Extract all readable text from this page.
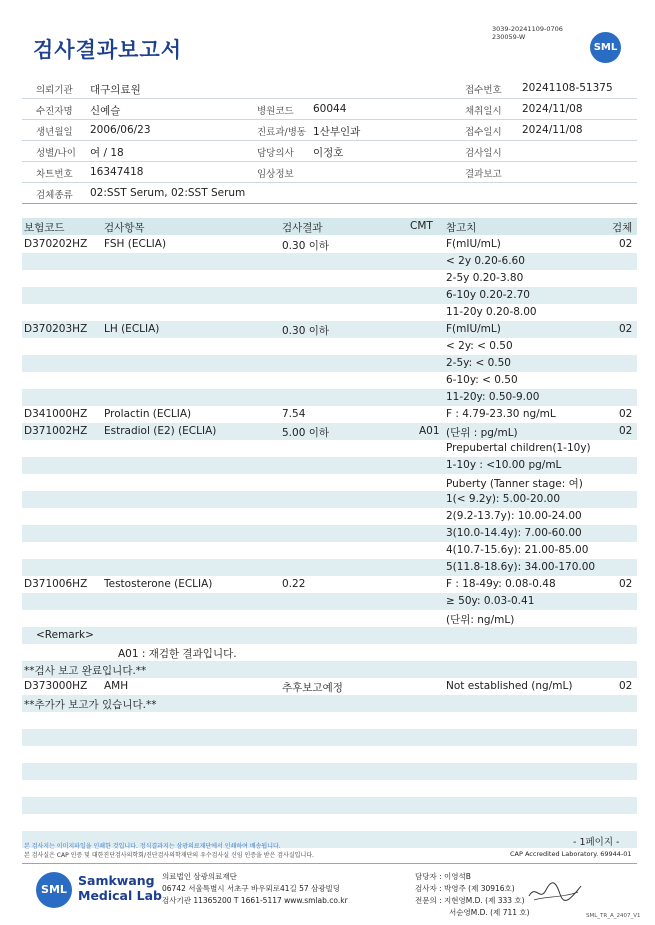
검사결과보고서
3039-20241109-0706
230059-W
SML
의뢰기관 대구의료원	접수번호 20241108-51375
수진자명 신예슬	병원코드 60044	채취일시 2024/11/08
생년월일 2006/06/23	진료과/병동 1산부인과	접수일시 2024/11/08
성별/나이 여 / 18	담당의사 이정호	검사일시
차트번호 16347418	임상정보	결과보고
검체종류 02:SST Serum, 02:SST Serum
보험코드	검사항목	검사결과	CMT 참고치	검체
D370202HZ FSH (ECLIA)	0.30 이하	F(mIU/mL)	02
< 2y 0.20-6.60
2-5y 0.20-3.80
6-10y 0.20-2.70
11-20y 0.20-8.00
D370203HZ LH (ECLIA)	0.30 이하	F(mIU/mL)	02
< 2y: < 0.50
2-5y: < 0.50
6-10y: < 0.50
11-20y: 0.50-9.00
D341000HZ Prolactin (ECLIA)	7.54	F : 4.79-23.30 ng/mL	02
D371002HZ Estradiol (E2) (ECLIA)	5.00 이하	A01 (단위 : pg/mL)	02
Prepubertal children(1-10y)
1-10y : <10.00 pg/mL
Puberty (Tanner stage: 여)
1(< 9.2y): 5.00-20.00
2(9.2-13.7y): 10.00-24.00
3(10.0-14.4y): 7.00-60.00
4(10.7-15.6y): 21.00-85.00
5(11.8-18.6y): 34.00-170.00
D371006HZ Testosterone (ECLIA)	0.22	F : 18-49y: 0.08-0.48	02
≥ 50y: 0.03-0.41
(단위: ng/mL)
<Remark>
A01 : 재검한 결과입니다.
**검사 보고 완료입니다.**
D373000HZ AMH	추후보고예정	Not established (ng/mL)	02
**추가가 보고가 있습니다.**
- 1페이지 -
본 검사지는 이미지파일을 인쇄한 것입니다. 정식결과지는 삼광의료재단에서 인쇄하여 배송됩니다.
본 검사실은 CAP 인증 및 대한진단검사의학회/진단검사의학재단의 우수검사실 신임 인증을 받은 검사실입니다.	CAP Accredited Laboratory. 69944-01
SML
Samkwang
Medical Lab
의료법인 삼광의료재단
06742 서울특별시 서초구 바우뫼로41길 57 삼광빌딩
검사기관 11365200 T 1661-5117 www.smlab.co.kr
담당자 : 이영석B
검사자 : 박영주 (제 30916호)
전문의 : 지현영M.D. (제 333 호)
서순영M.D. (제 711 호)	SML_TR_A_2407_V1
